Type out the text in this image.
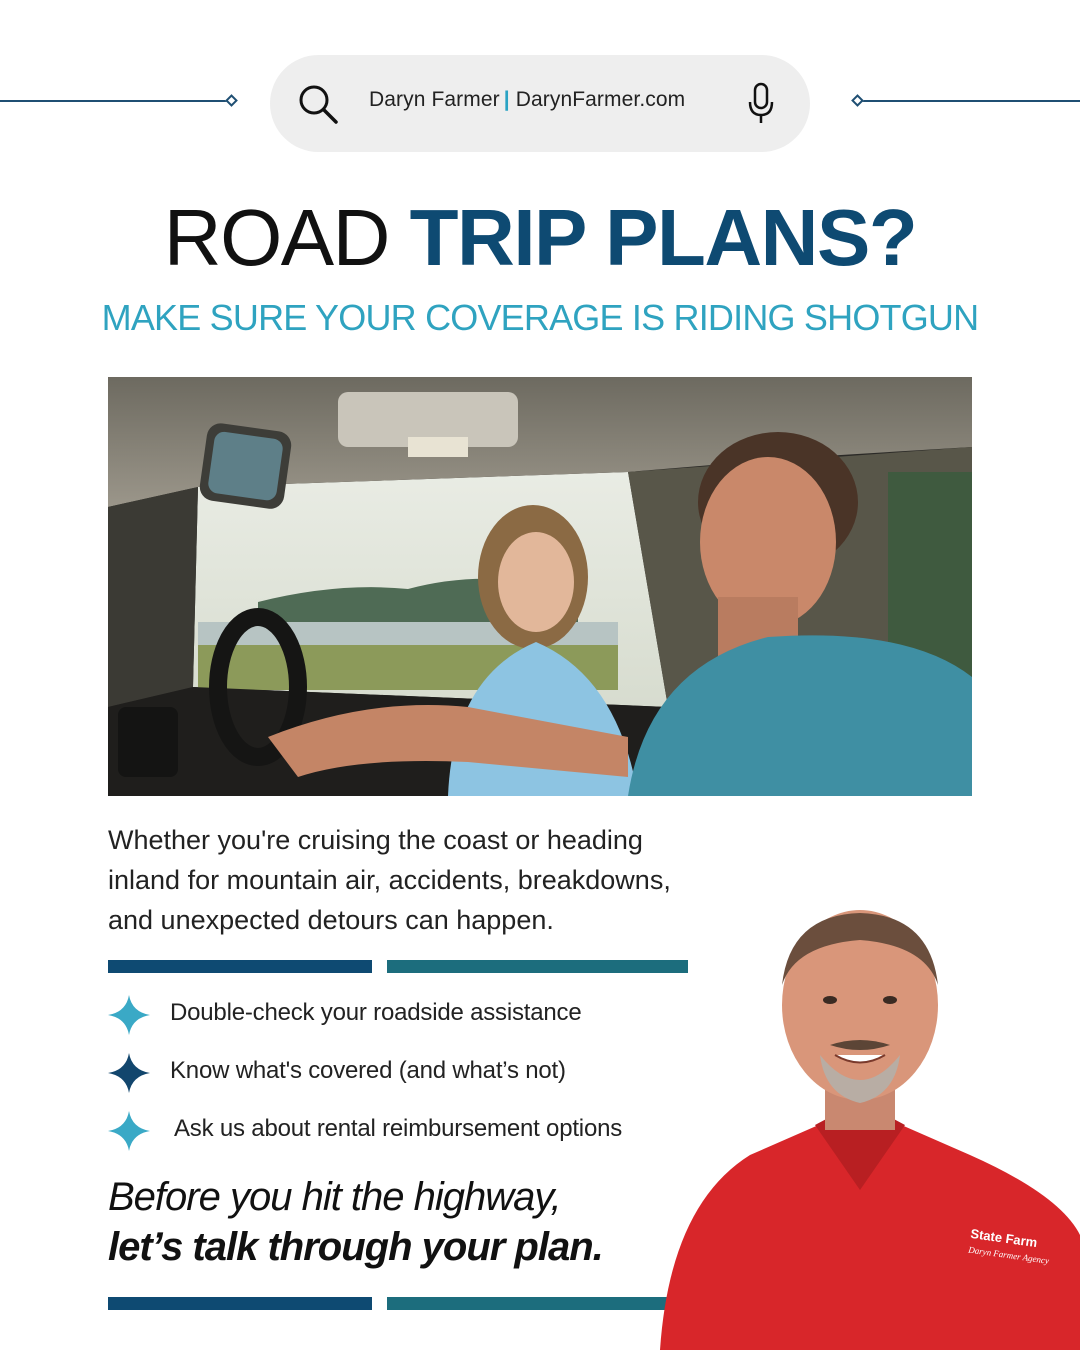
Daryn Farmer | DarynFarmer.com
ROAD TRIP PLANS?
MAKE SURE YOUR COVERAGE IS RIDING SHOTGUN
Whether you're cruising the coast or heading inland for mountain air, accidents, breakdowns, and unexpected detours can happen.
Double-check your roadside assistance
Know what's covered (and what’s not)
Ask us about rental reimbursement options
Before you hit the highway,
let’s talk through your plan.	State Farm
Daryn Farmer Agency
